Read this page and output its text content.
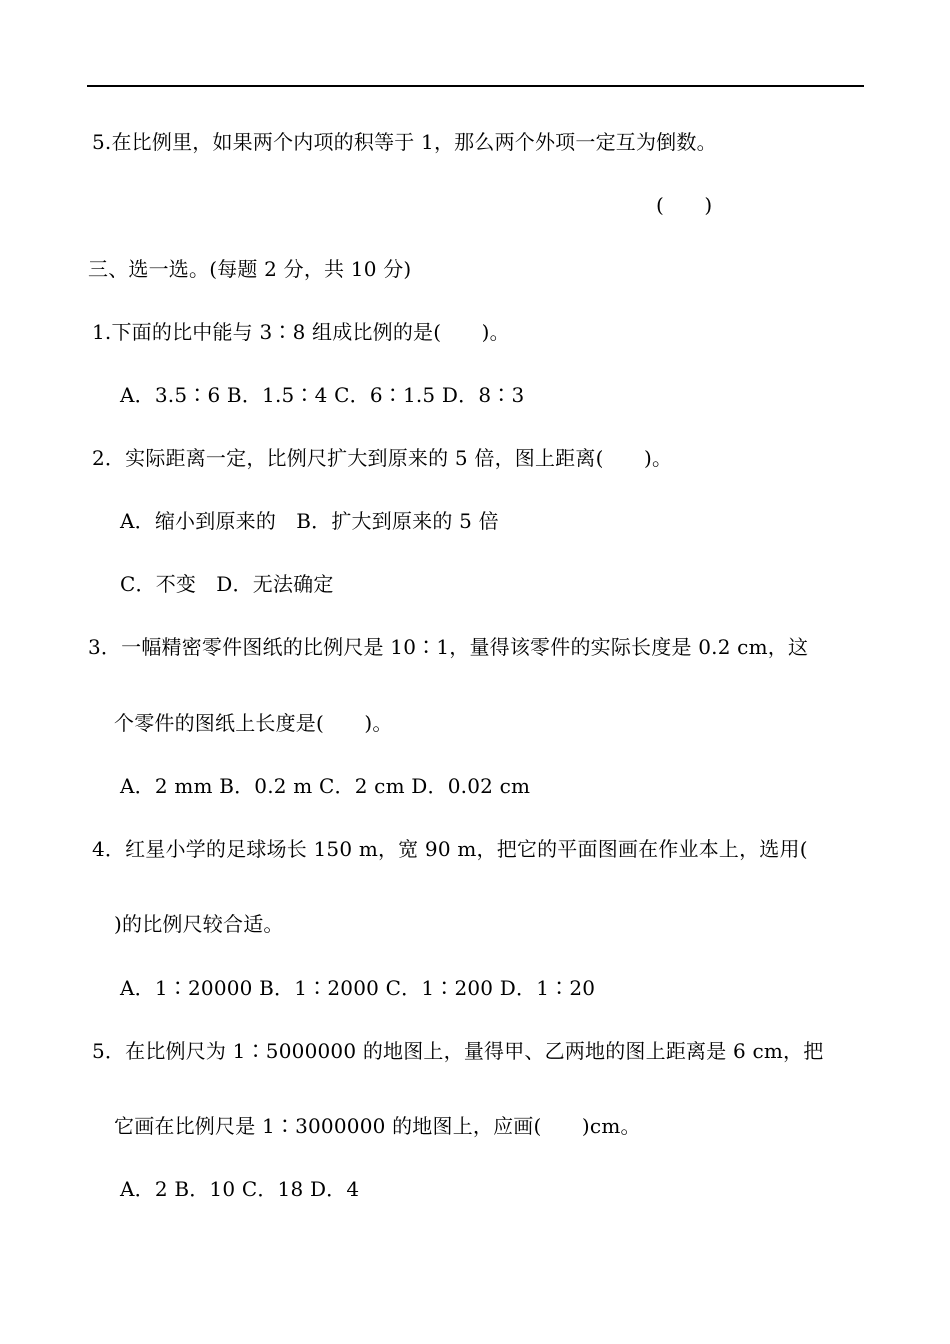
5.在比例里，如果两个内项的积等于 1，那么两个外项一定互为倒数。
(　　)
三、选一选。(每题 2 分，共 10 分)
1.下面的比中能与 3∶8 组成比例的是(　　)。
A．3.5∶6 B．1.5∶4 C．6∶1.5 D．8∶3
2．实际距离一定，比例尺扩大到原来的 5 倍，图上距离(　　)。
A．缩小到原来的　B．扩大到原来的 5 倍
C．不变　D．无法确定
3．一幅精密零件图纸的比例尺是 10∶1，量得该零件的实际长度是 0.2 cm，这
个零件的图纸上长度是(　　)。
A．2 mm B．0.2 m C．2 cm D．0.02 cm
4．红星小学的足球场长 150 m，宽 90 m，把它的平面图画在作业本上，选用(
)的比例尺较合适。
A．1∶20000 B．1∶2000 C．1∶200 D．1∶20
5．在比例尺为 1∶5000000 的地图上，量得甲、乙两地的图上距离是 6 cm，把
它画在比例尺是 1∶3000000 的地图上，应画(　　)cm。
A．2 B．10 C．18 D．4
